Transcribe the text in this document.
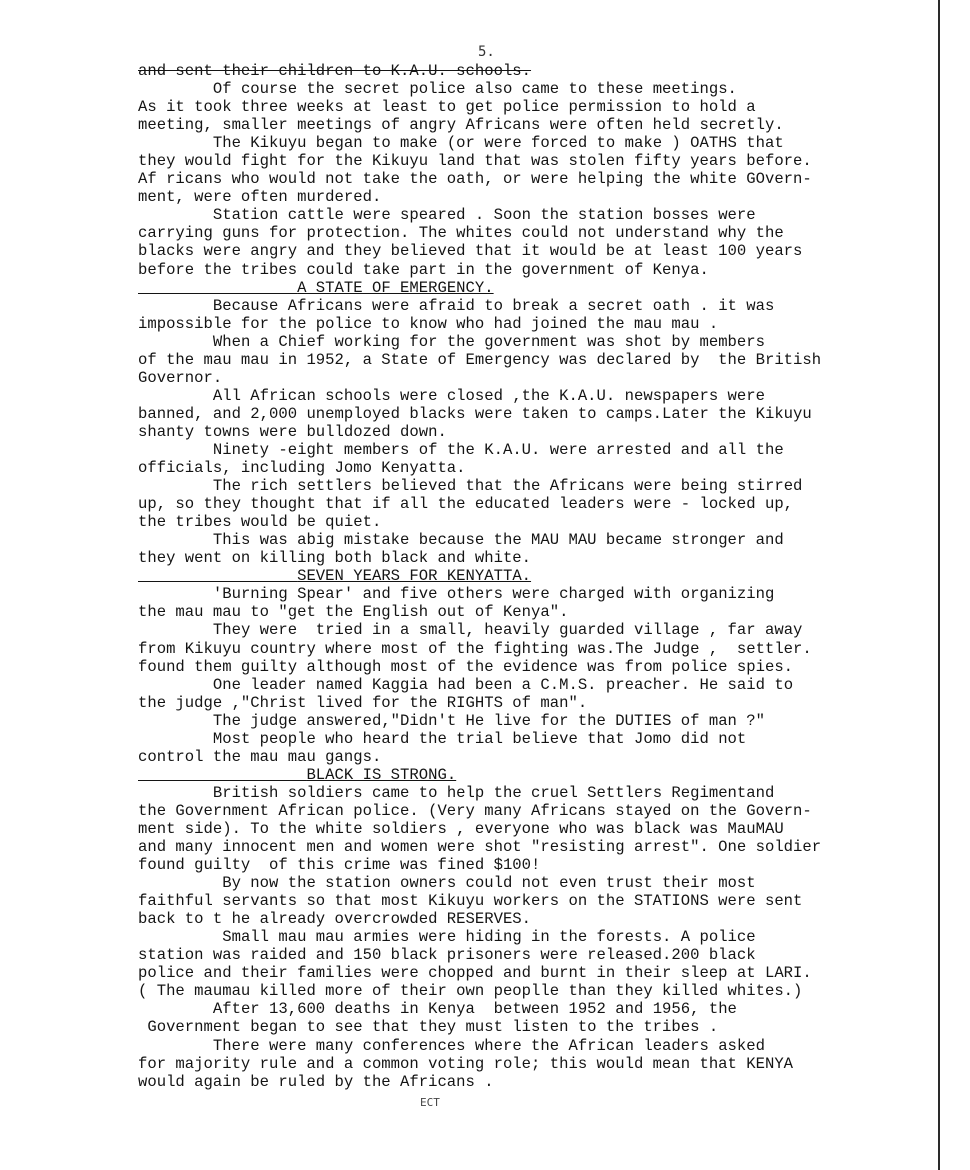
5.
and sent their children to K.A.U. schools.
Of course the secret police also came to these meetings.
As it took three weeks at least to get police permission to hold a
meeting, smaller meetings of angry Africans were often held secretly.
The Kikuyu began to make (or were forced to make ) OATHS that
they would fight for the Kikuyu land that was stolen fifty years before.
Af ricans who would not take the oath, or were helping the white GOvern-
ment, were often murdered.
Station cattle were speared . Soon the station bosses were
carrying guns for protection. The whites could not understand why the
blacks were angry and they believed that it would be at least 100 years
before the tribes could take part in the government of Kenya.
A STATE OF EMERGENCY.
Because Africans were afraid to break a secret oath . it was
impossible for the police to know who had joined the mau mau .
When a Chief working for the government was shot by members
of the mau mau in 1952, a State of Emergency was declared by  the British
Governor.
All African schools were closed ,the K.A.U. newspapers were
banned, and 2,000 unemployed blacks were taken to camps.Later the Kikuyu
shanty towns were bulldozed down.
Ninety -eight members of the K.A.U. were arrested and all the
officials, including Jomo Kenyatta.
The rich settlers believed that the Africans were being stirred
up, so they thought that if all the educated leaders were - locked up,
the tribes would be quiet.
This was abig mistake because the MAU MAU became stronger and
they went on killing both black and white.
SEVEN YEARS FOR KENYATTA.
'Burning Spear' and five others were charged with organizing
the mau mau to "get the English out of Kenya".
They were  tried in a small, heavily guarded village , far away
from Kikuyu country where most of the fighting was.The Judge ,  settler.
found them guilty although most of the evidence was from police spies.
One leader named Kaggia had been a C.M.S. preacher. He said to
the judge ,"Christ lived for the RIGHTS of man".
The judge answered,"Didn't He live for the DUTIES of man ?"
Most people who heard the trial believe that Jomo did not
control the mau mau gangs.
BLACK IS STRONG.
British soldiers came to help the cruel Settlers Regimentand
the Government African police. (Very many Africans stayed on the Govern-
ment side). To the white soldiers , everyone who was black was MauMAU
and many innocent men and women were shot "resisting arrest". One soldier
found guilty  of this crime was fined $100!
By now the station owners could not even trust their most
faithful servants so that most Kikuyu workers on the STATIONS were sent
back to t he already overcrowded RESERVES.
Small mau mau armies were hiding in the forests. A police
station was raided and 150 black prisoners were released.200 black
police and their families were chopped and burnt in their sleep at LARI.
( The maumau killed more of their own peoplle than they killed whites.)
After 13,600 deaths in Kenya  between 1952 and 1956, the
Government began to see that they must listen to the tribes .
There were many conferences where the African leaders asked
for majority rule and a common voting role; this would mean that KENYA
would again be ruled by the Africans .
ECT
